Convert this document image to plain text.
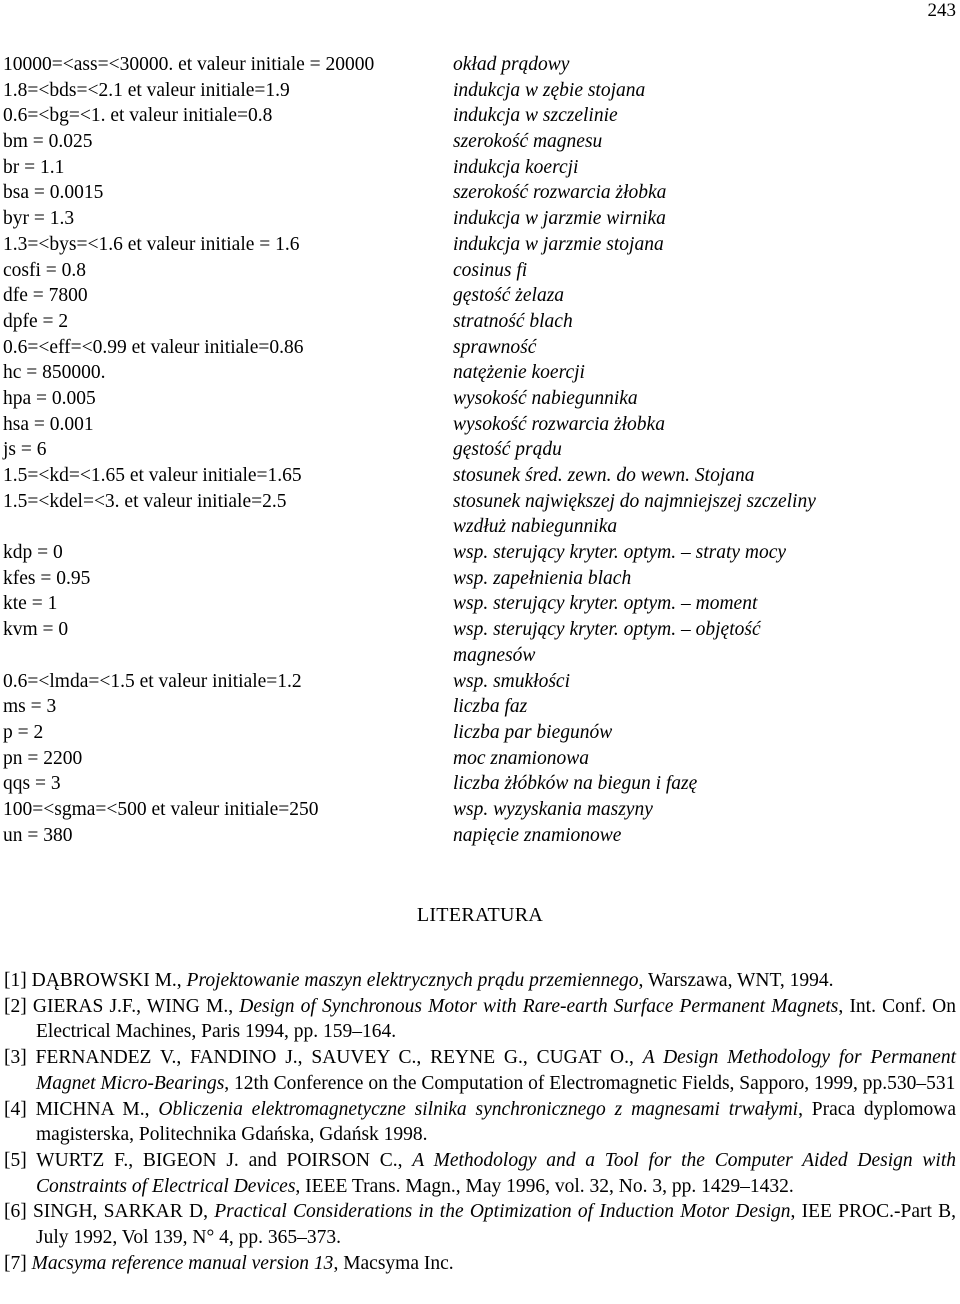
243
10000=<ass=<30000. et valeur initiale = 20000	okład prądowy
1.8=<bds=<2.1 et valeur initiale=1.9	indukcja w zębie stojana
0.6=<bg=<1. et valeur initiale=0.8	indukcja w szczelinie
bm = 0.025	szerokość magnesu
br = 1.1	indukcja koercji
bsa = 0.0015	szerokość rozwarcia żłobka
byr = 1.3	indukcja w jarzmie wirnika
1.3=<bys=<1.6 et valeur initiale = 1.6	indukcja w jarzmie stojana
cosfi = 0.8	cosinus fi
dfe = 7800	gęstość żelaza
dpfe = 2	stratność blach
0.6=<eff=<0.99 et valeur initiale=0.86	sprawność
hc = 850000.	natężenie koercji
hpa = 0.005	wysokość nabiegunnika
hsa = 0.001	wysokość rozwarcia żłobka
js = 6	gęstość prądu
1.5=<kd=<1.65 et valeur initiale=1.65	stosunek śred. zewn. do wewn. Stojana
1.5=<kdel=<3. et valeur initiale=2.5	stosunek największej do najmniejszej szczeliny
wzdłuż nabiegunnika
kdp = 0	wsp. sterujący kryter. optym. – straty mocy
kfes = 0.95	wsp. zapełnienia blach
kte = 1	wsp. sterujący kryter. optym. – moment
kvm = 0	wsp. sterujący kryter. optym. – objętość
magnesów
0.6=<lmda=<1.5 et valeur initiale=1.2	wsp. smukłości
ms = 3	liczba faz
p = 2	liczba par biegunów
pn = 2200	moc znamionowa
qqs = 3	liczba żłóbków na biegun i fazę
100=<sgma=<500 et valeur initiale=250	wsp. wyzyskania maszyny
un = 380	napięcie znamionowe
LITERATURA
[1] DĄBROWSKI M., Projektowanie maszyn elektrycznych prądu przemiennego, Warszawa, WNT, 1994.
[2] GIERAS J.F., WING M., Design of Synchronous Motor with Rare-earth Surface Permanent Magnets, Int. Conf. On Electrical Machines, Paris 1994, pp. 159–164.
[3] FERNANDEZ V., FANDINO J., SAUVEY C., REYNE G., CUGAT O., A Design Methodology for Permanent Magnet Micro-Bearings, 12th Conference on the Computation of Electromagnetic Fields, Sapporo, 1999, pp.530–531
[4] MICHNA M., Obliczenia elektromagnetyczne silnika synchronicznego z magnesami trwałymi, Praca dyplomowa magisterska, Politechnika Gdańska, Gdańsk 1998.
[5] WURTZ F., BIGEON J. and POIRSON C., A Methodology and a Tool for the Computer Aided Design with Constraints of Electrical Devices, IEEE Trans. Magn., May 1996, vol. 32, No. 3, pp. 1429–1432.
[6] SINGH, SARKAR D, Practical Considerations in the Optimization of Induction Motor Design, IEE PROC.-Part B, July 1992, Vol 139, N° 4, pp. 365–373.
[7] Macsyma reference manual version 13, Macsyma Inc.
